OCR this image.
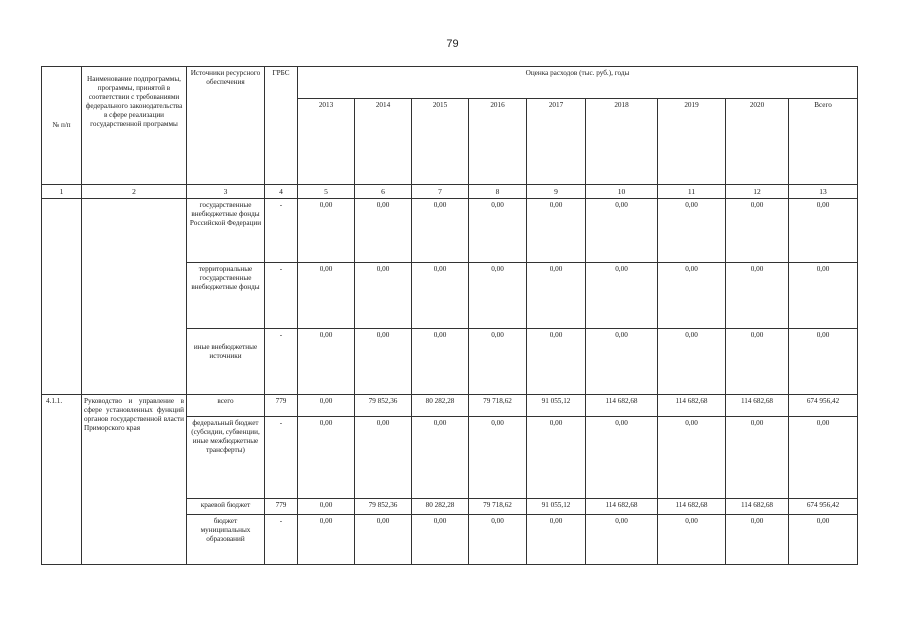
79
№ п/п	Наименование подпрограммы, программы, принятой в соответствии с требованиями федерального законодательства в сфере реализации государственной программы	Источники ресурсного обеспечения	ГРБС	Оценка расходов (тыс. руб.), годы								
				2013	2014	2015	2016	2017	2018	2019	2020	Всего
1	2	3	4	5	6	7	8	9	10	11	12	13
		государственные внебюджетные фонды Российской Федерации	-	0,00	0,00	0,00	0,00	0,00	0,00	0,00	0,00	0,00
		территориальные государственные внебюджетные фонды	-	0,00	0,00	0,00	0,00	0,00	0,00	0,00	0,00	0,00
		иные внебюджетные источники	-	0,00	0,00	0,00	0,00	0,00	0,00	0,00	0,00	0,00
4.1.1.	Руководство и управление в сфере установленных функций органов государственной власти Приморского края	всего	779	0,00	79 852,36	80 282,28	79 718,62	91 055,12	114 682,68	114 682,68	114 682,68	674 956,42
		федеральный бюджет (субсидии, субвенции, иные межбюджетные трансферты)	-	0,00	0,00	0,00	0,00	0,00	0,00	0,00	0,00	0,00
		краевой бюджет	779	0,00	79 852,36	80 282,28	79 718,62	91 055,12	114 682,68	114 682,68	114 682,68	674 956,42
		бюджет муниципальных образований	-	0,00	0,00	0,00	0,00	0,00	0,00	0,00	0,00	0,00
